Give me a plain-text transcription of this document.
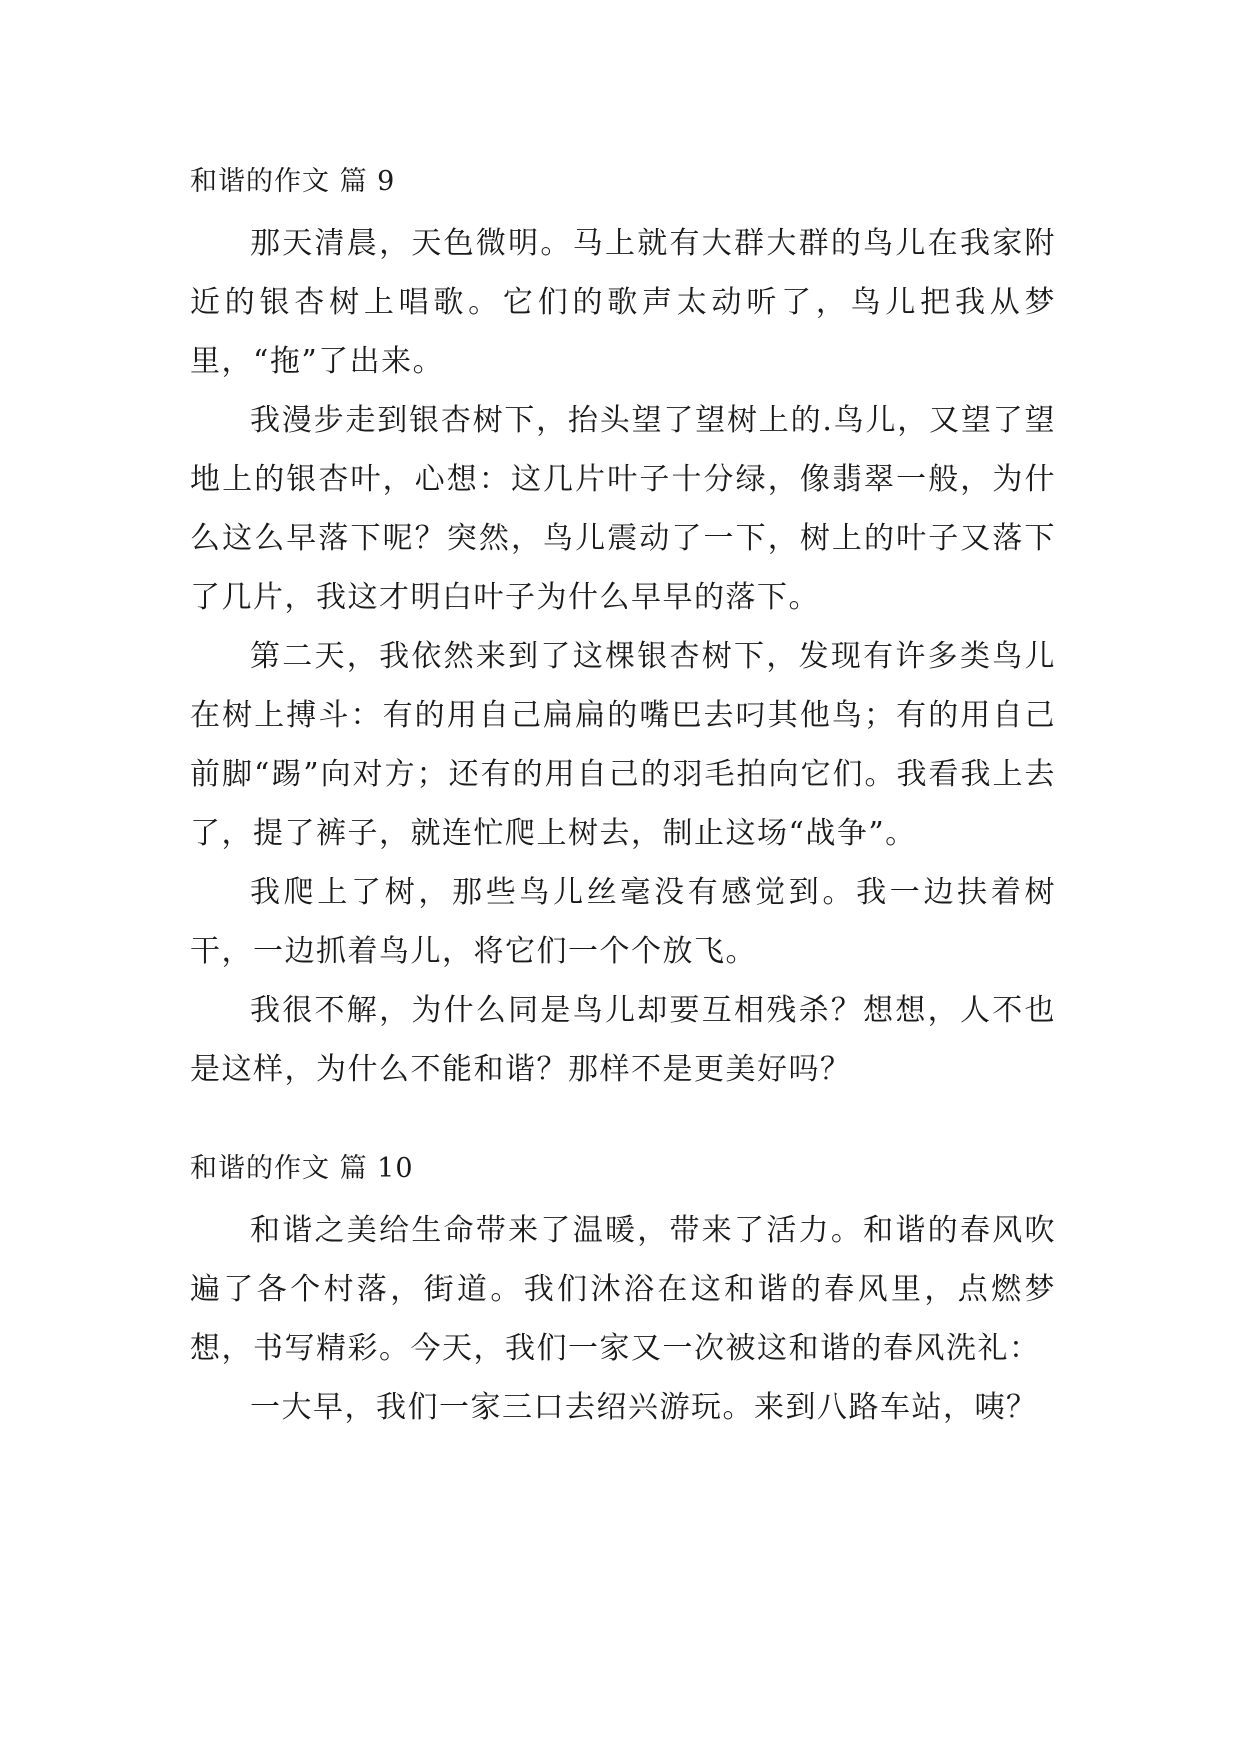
和谐的作文 篇 9

那天清晨，天色微明。马上就有大群大群的鸟儿在我家附近的银杏树上唱歌。它们的歌声太动听了，鸟儿把我从梦里，“拖”了出来。

我漫步走到银杏树下，抬头望了望树上的.鸟儿，又望了望地上的银杏叶，心想：这几片叶子十分绿，像翡翠一般，为什么这么早落下呢？突然，鸟儿震动了一下，树上的叶子又落下了几片，我这才明白叶子为什么早早的落下。

第二天，我依然来到了这棵银杏树下，发现有许多类鸟儿在树上搏斗：有的用自己扁扁的嘴巴去叼其他鸟；有的用自己前脚“踢”向对方；还有的用自己的羽毛拍向它们。我看我上去了，提了裤子，就连忙爬上树去，制止这场“战争”。

我爬上了树，那些鸟儿丝毫没有感觉到。我一边扶着树干，一边抓着鸟儿，将它们一个个放飞。

我很不解，为什么同是鸟儿却要互相残杀？想想，人不也是这样，为什么不能和谐？那样不是更美好吗？

和谐的作文 篇 10

和谐之美给生命带来了温暖，带来了活力。和谐的春风吹遍了各个村落，街道。我们沐浴在这和谐的春风里，点燃梦想，书写精彩。今天，我们一家又一次被这和谐的春风洗礼：

一大早，我们一家三口去绍兴游玩。来到八路车站，咦？
